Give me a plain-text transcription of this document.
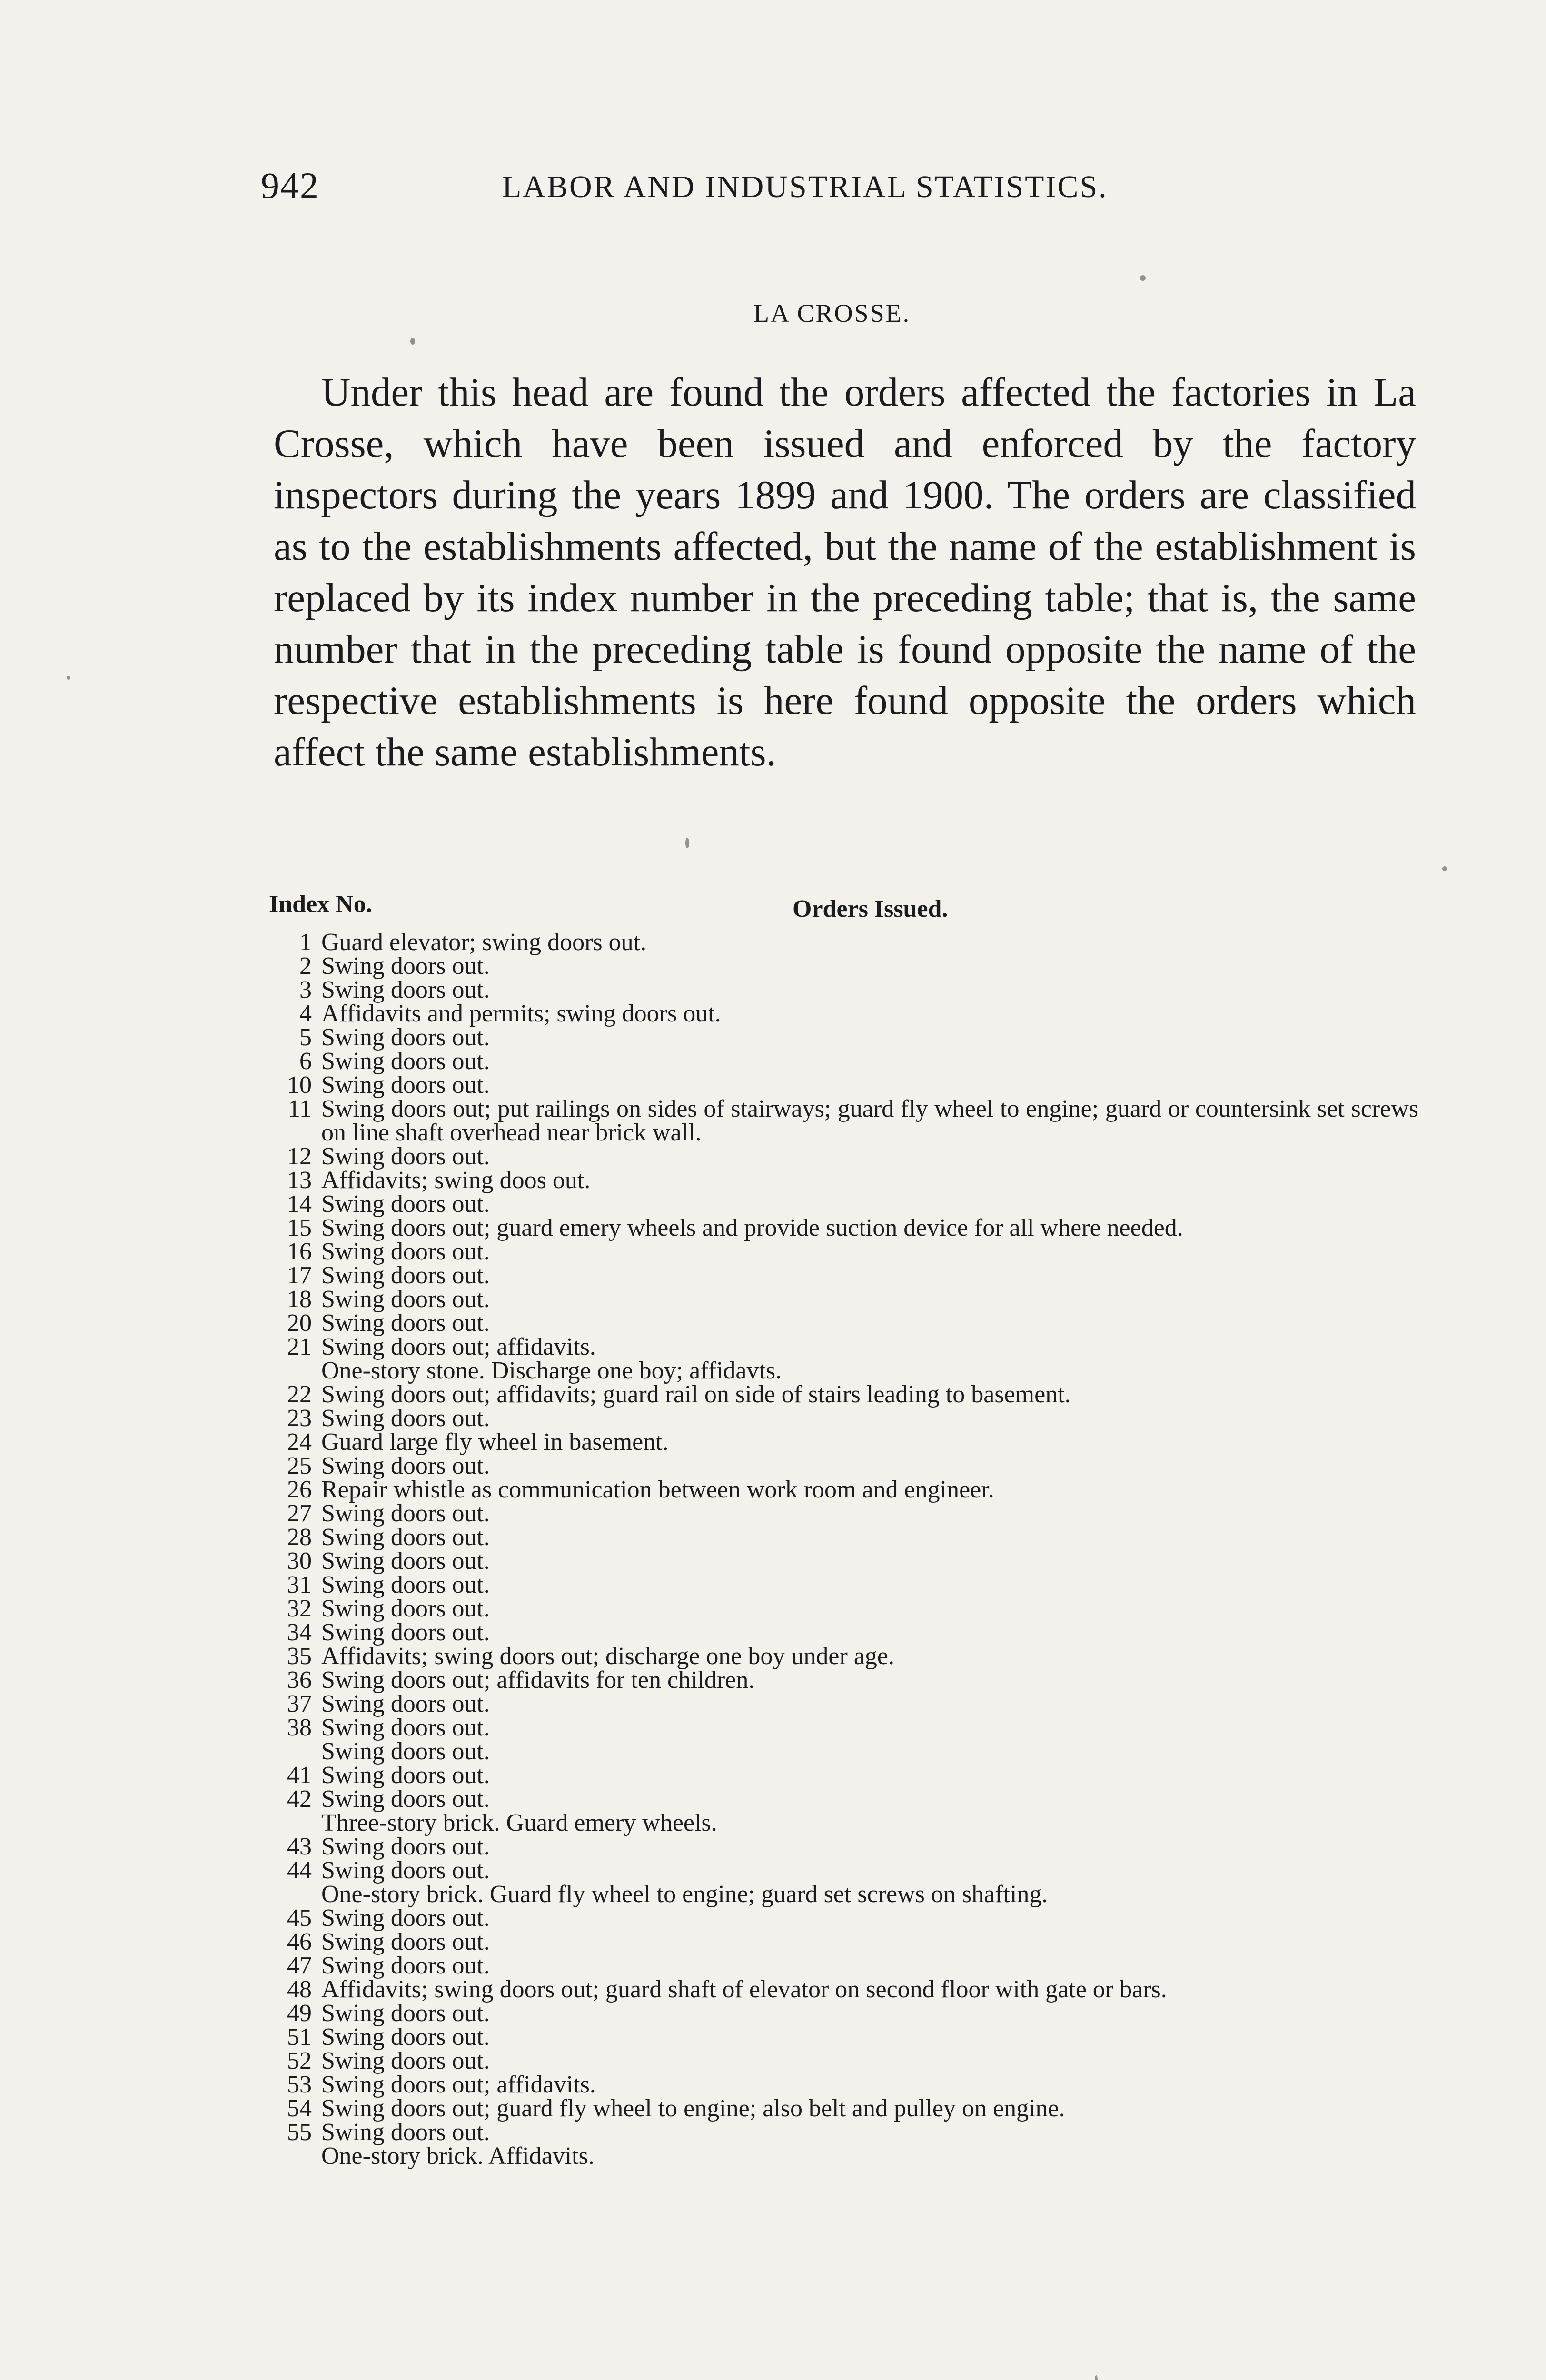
942	LABOR AND INDUSTRIAL STATISTICS.
LA CROSSE.

Under this head are found the orders affected the factories in La Crosse, which have been issued and enforced by the factory inspectors during the years 1899 and 1900. The orders are classified as to the establishments affected, but the name of the establishment is replaced by its index number in the preceding table; that is, the same number that in the preceding table is found opposite the name of the respective establishments is here found opposite the orders which affect the same establishments.

Index No.	Orders Issued.
1 Guard elevator; swing doors out.
2 Swing doors out.
3 Swing doors out.
4 Affidavits and permits; swing doors out.
5 Swing doors out.
6 Swing doors out.
10 Swing doors out.
11 Swing doors out; put railings on sides of stairways; guard fly wheel to engine; guard or countersink set screws on line shaft overhead near brick wall.
12 Swing doors out.
13 Affidavits; swing doos out.
14 Swing doors out.
15 Swing doors out; guard emery wheels and provide suction device for all where needed.
16 Swing doors out.
17 Swing doors out.
18 Swing doors out.
20 Swing doors out.
21 Swing doors out; affidavits.
One-story stone. Discharge one boy; affidavts.
22 Swing doors out; affidavits; guard rail on side of stairs leading to basement.
23 Swing doors out.
24 Guard large fly wheel in basement.
25 Swing doors out.
26 Repair whistle as communication between work room and engineer.
27 Swing doors out.
28 Swing doors out.
30 Swing doors out.
31 Swing doors out.
32 Swing doors out.
34 Swing doors out.
35 Affidavits; swing doors out; discharge one boy under age.
36 Swing doors out; affidavits for ten children.
37 Swing doors out.
38 Swing doors out.
Swing doors out.
41 Swing doors out.
42 Swing doors out.
Three-story brick. Guard emery wheels.
43 Swing doors out.
44 Swing doors out.
One-story brick. Guard fly wheel to engine; guard set screws on shafting.
45 Swing doors out.
46 Swing doors out.
47 Swing doors out.
48 Affidavits; swing doors out; guard shaft of elevator on second floor with gate or bars.
49 Swing doors out.
51 Swing doors out.
52 Swing doors out.
53 Swing doors out; affidavits.
54 Swing doors out; guard fly wheel to engine; also belt and pulley on engine.
55 Swing doors out.
One-story brick. Affidavits.
